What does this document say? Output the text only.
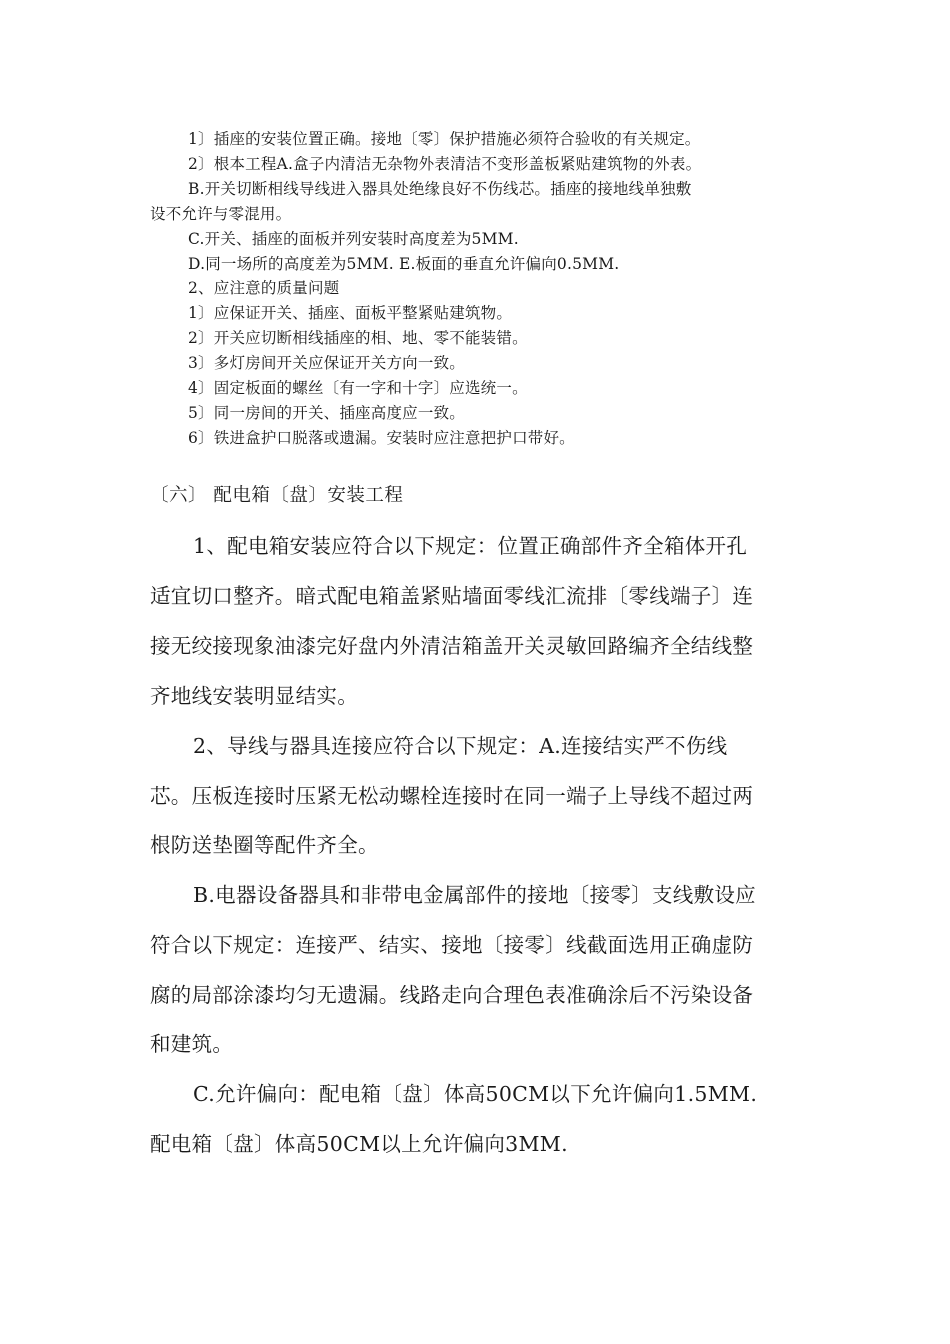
1〕插座的安装位置正确。接地〔零〕保护措施必须符合验收的有关规定。
2〕根本工程A.盒子内清洁无杂物外表清洁不变形盖板紧贴建筑物的外表。
B.开关切断相线导线进入器具处绝缘良好不伤线芯。插座的接地线单独敷
设不允许与零混用。
C.开关、插座的面板并列安装时高度差为5MM.
D.同一场所的高度差为5MM. E.板面的垂直允许偏向0.5MM.
2、应注意的质量问题
1〕应保证开关、插座、面板平整紧贴建筑物。
2〕开关应切断相线插座的相、地、零不能装错。
3〕多灯房间开关应保证开关方向一致。
4〕固定板面的螺丝〔有一字和十字〕应选统一。
5〕同一房间的开关、插座高度应一致。
6〕铁进盒护口脱落或遗漏。安装时应注意把护口带好。
〔六〕 配电箱〔盘〕安装工程
1、配电箱安装应符合以下规定：位置正确部件齐全箱体开孔
适宜切口整齐。暗式配电箱盖紧贴墙面零线汇流排〔零线端子〕连
接无绞接现象油漆完好盘内外清洁箱盖开关灵敏回路编齐全结线整
齐地线安装明显结实。
2、导线与器具连接应符合以下规定：A.连接结实严不伤线
芯。压板连接时压紧无松动螺栓连接时在同一端子上导线不超过两
根防送垫圈等配件齐全。
B.电器设备器具和非带电金属部件的接地〔接零〕支线敷设应
符合以下规定：连接严、结实、接地〔接零〕线截面选用正确虚防
腐的局部涂漆均匀无遗漏。线路走向合理色表准确涂后不污染设备
和建筑。
C.允许偏向：配电箱〔盘〕体高50CM以下允许偏向1.5MM.
配电箱〔盘〕体高50CM以上允许偏向3MM.
